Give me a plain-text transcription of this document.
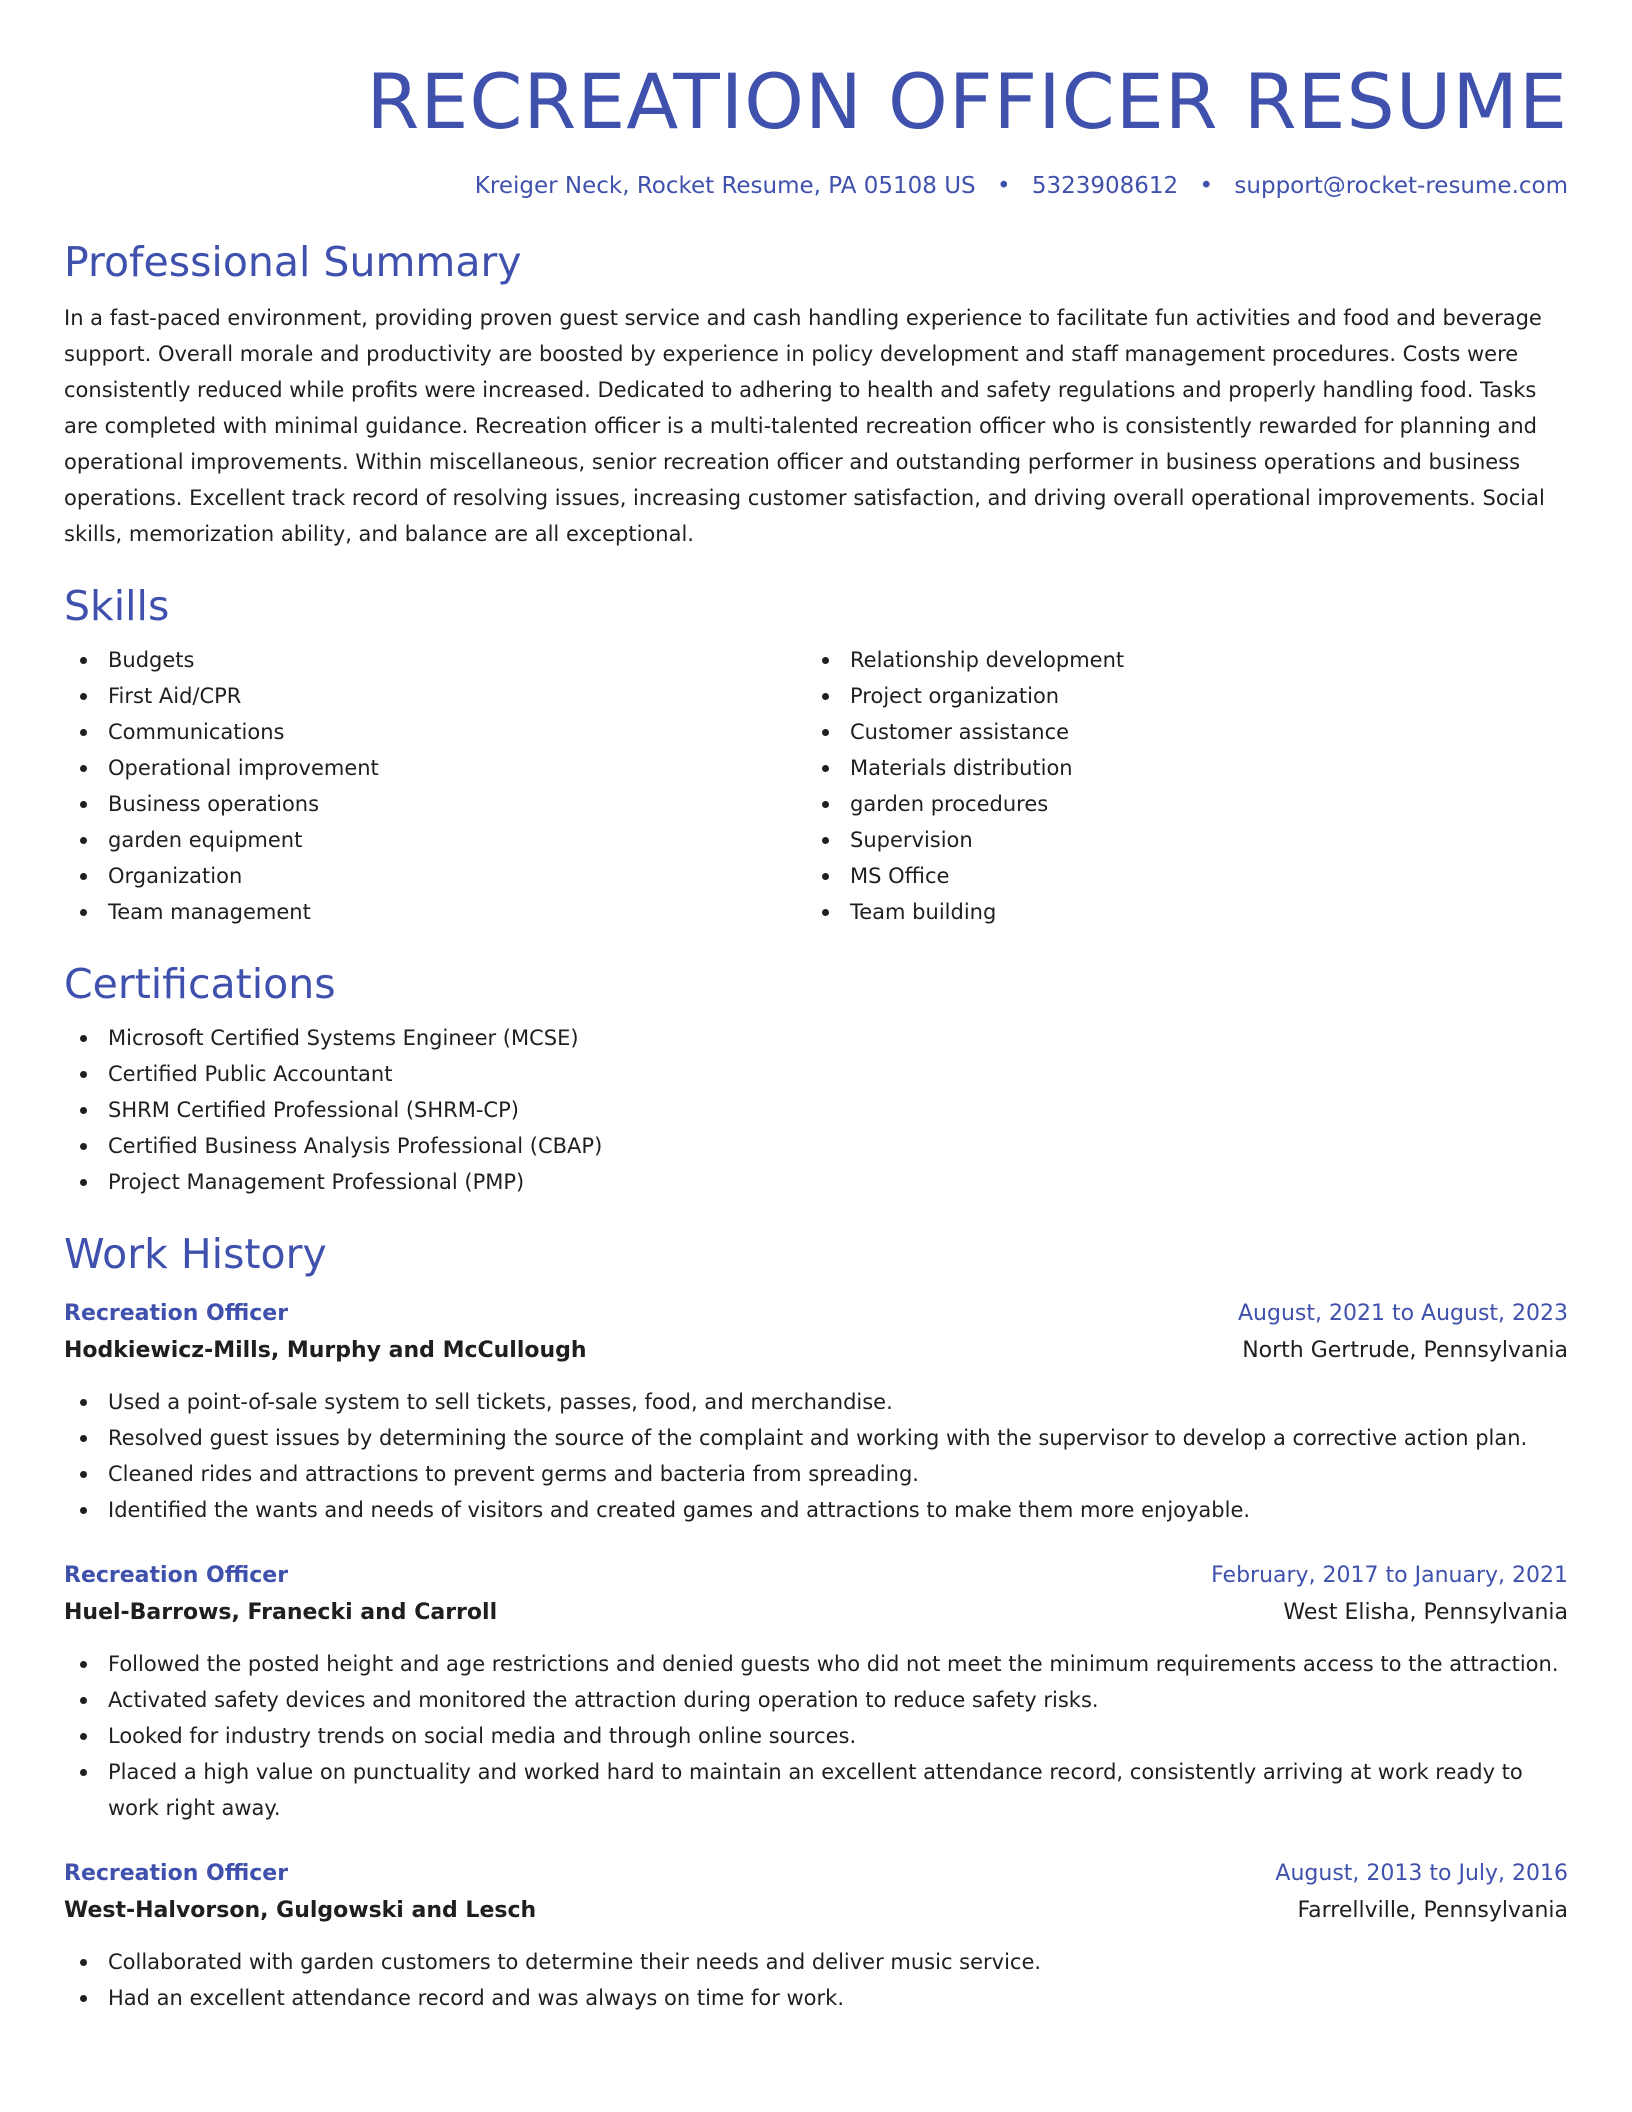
RECREATION OFFICER RESUME
Kreiger Neck, Rocket Resume, PA 05108 US • 5323908612 • support@rocket-resume.com
Professional Summary

In a fast-paced environment, providing proven guest service and cash handling experience to facilitate fun activities and food and beverage support. Overall morale and productivity are boosted by experience in policy development and staff management procedures. Costs were consistently reduced while profits were increased. Dedicated to adhering to health and safety regulations and properly handling food. Tasks are completed with minimal guidance. Recreation officer is a multi-talented recreation officer who is consistently rewarded for planning and operational improvements. Within miscellaneous, senior recreation officer and outstanding performer in business operations and business operations. Excellent track record of resolving issues, increasing customer satisfaction, and driving overall operational improvements. Social skills, memorization ability, and balance are all exceptional.

Skills
Budgets
First Aid/CPR
Communications
Operational improvement
Business operations
garden equipment
Organization
Team management
Relationship development
Project organization
Customer assistance
Materials distribution
garden procedures
Supervision
MS Office
Team building
Certifications
Microsoft Certified Systems Engineer (MCSE)
Certified Public Accountant
SHRM Certified Professional (SHRM-CP)
Certified Business Analysis Professional (CBAP)
Project Management Professional (PMP)
Work History
Recreation Officer	August, 2021 to August, 2023
Hodkiewicz-Mills, Murphy and McCullough	North Gertrude, Pennsylvania
Used a point-of-sale system to sell tickets, passes, food, and merchandise.
Resolved guest issues by determining the source of the complaint and working with the supervisor to develop a corrective action plan.
Cleaned rides and attractions to prevent germs and bacteria from spreading.
Identified the wants and needs of visitors and created games and attractions to make them more enjoyable.
Recreation Officer	February, 2017 to January, 2021
Huel-Barrows, Franecki and Carroll	West Elisha, Pennsylvania
Followed the posted height and age restrictions and denied guests who did not meet the minimum requirements access to the attraction.
Activated safety devices and monitored the attraction during operation to reduce safety risks.
Looked for industry trends on social media and through online sources.
Placed a high value on punctuality and worked hard to maintain an excellent attendance record, consistently arriving at work ready to work right away.
Recreation Officer	August, 2013 to July, 2016
West-Halvorson, Gulgowski and Lesch	Farrellville, Pennsylvania
Collaborated with garden customers to determine their needs and deliver music service.
Had an excellent attendance record and was always on time for work.
